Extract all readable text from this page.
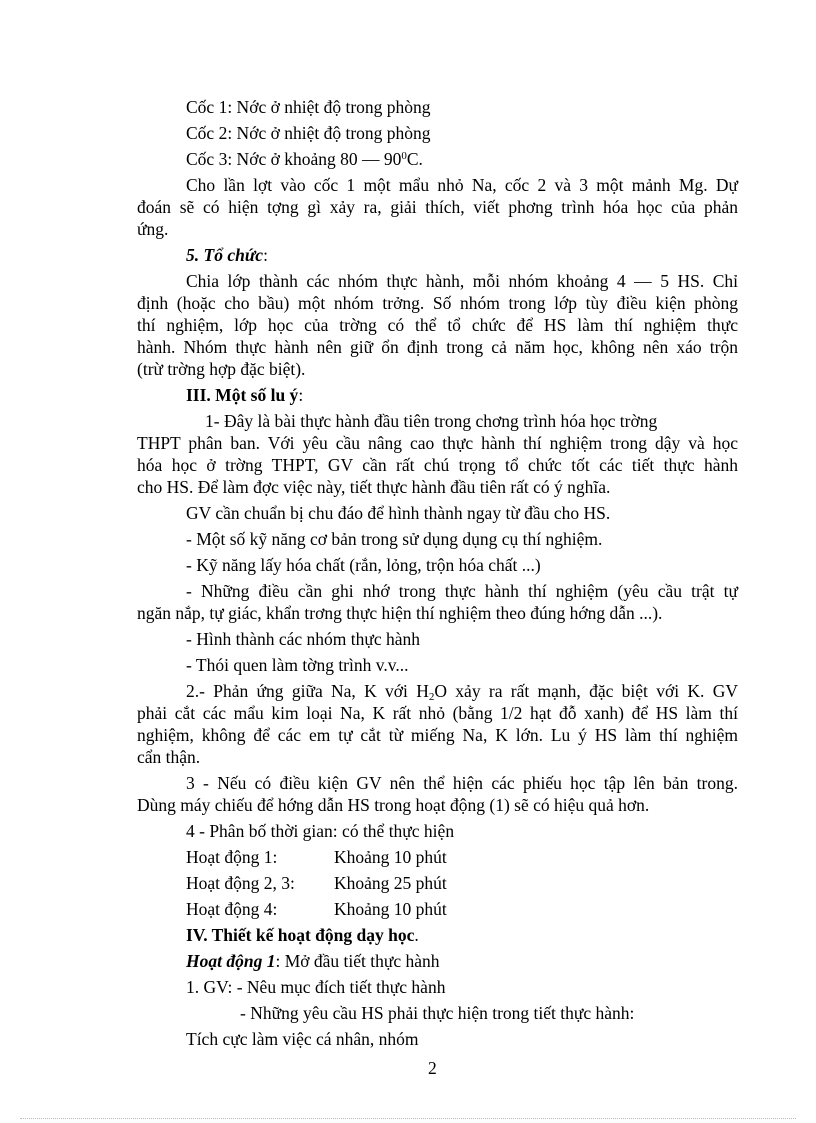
Cốc 1: Nớc ở nhiệt độ trong phòng
Cốc 2: Nớc ở nhiệt độ trong phòng
Cốc 3: Nớc ở khoảng 80 — $90^0C$.
Cho lần lợt vào cốc 1 một mẩu nhỏ Na, cốc 2 và 3 một mảnh Mg. Dự
đoán sẽ có hiện tợng gì xảy ra, giải thích, viết phơng trình hóa học của phản
ứng.
5. Tổ chức:
Chia lớp thành các nhóm thực hành, mỗi nhóm khoảng 4 — 5 HS. Chỉ
định (hoặc cho bầu) một nhóm trởng. Số nhóm trong lớp tùy điều kiện phòng
thí nghiệm, lớp học của trờng có thể tổ chức để HS làm thí nghiệm thực
hành. Nhóm thực hành nên giữ ổn định trong cả năm học, không nên xáo trộn
(trừ trờng hợp đặc biệt).
III. Một số lu ý:
1- Đây là bài thực hành đầu tiên trong chơng trình hóa học trờng
THPT phân ban. Với yêu cầu nâng cao thực hành thí nghiệm trong dậy và học
hóa học ở trờng THPT, GV cần rất chú trọng tổ chức tốt các tiết thực hành
cho HS. Để làm đợc việc này, tiết thực hành đầu tiên rất có ý nghĩa.
GV cần chuẩn bị chu đáo để hình thành ngay từ đầu cho HS.
- Một số kỹ năng cơ bản trong sử dụng dụng cụ thí nghiệm.
- Kỹ năng lấy hóa chất (rắn, lỏng, trộn hóa chất ...)
- Những điều cần ghi nhớ trong thực hành thí nghiệm (yêu cầu trật tự
ngăn nắp, tự giác, khẩn trơng thực hiện thí nghiệm theo đúng hớng dẫn ...).
- Hình thành các nhóm thực hành
- Thói quen làm tờng trình v.v...
2.- Phản ứng giữa Na, K với $H_2O$ xảy ra rất mạnh, đặc biệt với K. GV
phải cắt các mẩu kim loại Na, K rất nhỏ (bằng 1/2 hạt đỗ xanh) để HS làm thí
nghiệm, không để các em tự cắt từ miếng Na, K lớn. Lu ý HS làm thí nghiệm
cẩn thận.
3 - Nếu có điều kiện GV nên thể hiện các phiếu học tập lên bản trong.
Dùng máy chiếu để hớng dẫn HS trong hoạt động (1) sẽ có hiệu quả hơn.
4 - Phân bố thời gian: có thể thực hiện
Hoạt động 1:	Khoảng 10 phút
Hoạt động 2, 3: Khoảng 25 phút
Hoạt động 4:	Khoảng 10 phút
IV. Thiết kế hoạt động dạy học.
Hoạt động 1: Mở đầu tiết thực hành
1. GV: - Nêu mục đích tiết thực hành
- Những yêu cầu HS phải thực hiện trong tiết thực hành:
Tích cực làm việc cá nhân, nhóm
2
